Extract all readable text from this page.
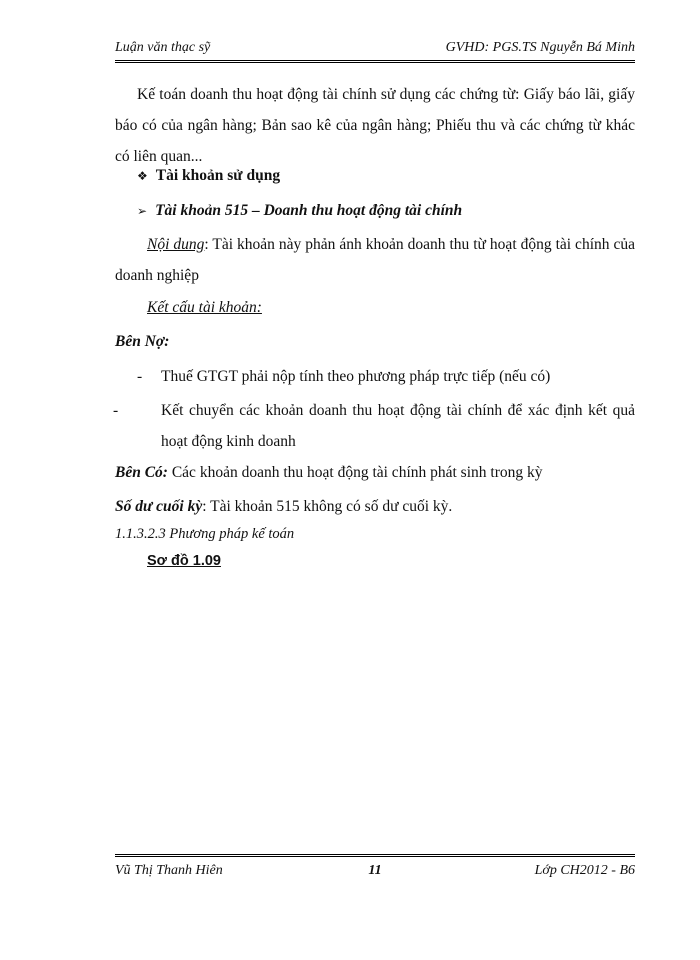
Luận văn thạc sỹ	GVHD: PGS.TS Nguyễn Bá Minh
Kế toán doanh thu hoạt động tài chính sử dụng các chứng từ: Giấy báo lãi, giấy báo có của ngân hàng; Bản sao kê của ngân hàng; Phiếu thu và các chứng từ khác có liên quan...
❖ Tài khoản sử dụng
➢ Tài khoản 515 – Doanh thu hoạt động tài chính
Nội dung: Tài khoản này phản ánh khoản doanh thu từ hoạt động tài chính của doanh nghiệp
Kết cấu tài khoản:
Bên Nợ:
- Thuế GTGT phải nộp tính theo phương pháp trực tiếp (nếu có)
-	Kết chuyển các khoản doanh thu hoạt động tài chính để xác định kết quả hoạt động kinh doanh
Bên Có: Các khoản doanh thu hoạt động tài chính phát sinh trong kỳ
Số dư cuối kỳ: Tài khoản 515 không có số dư cuối kỳ.
1.1.3.2.3 Phương pháp kế toán
Sơ đồ 1.09
Vũ Thị Thanh Hiên	11	Lớp CH2012 - B6
